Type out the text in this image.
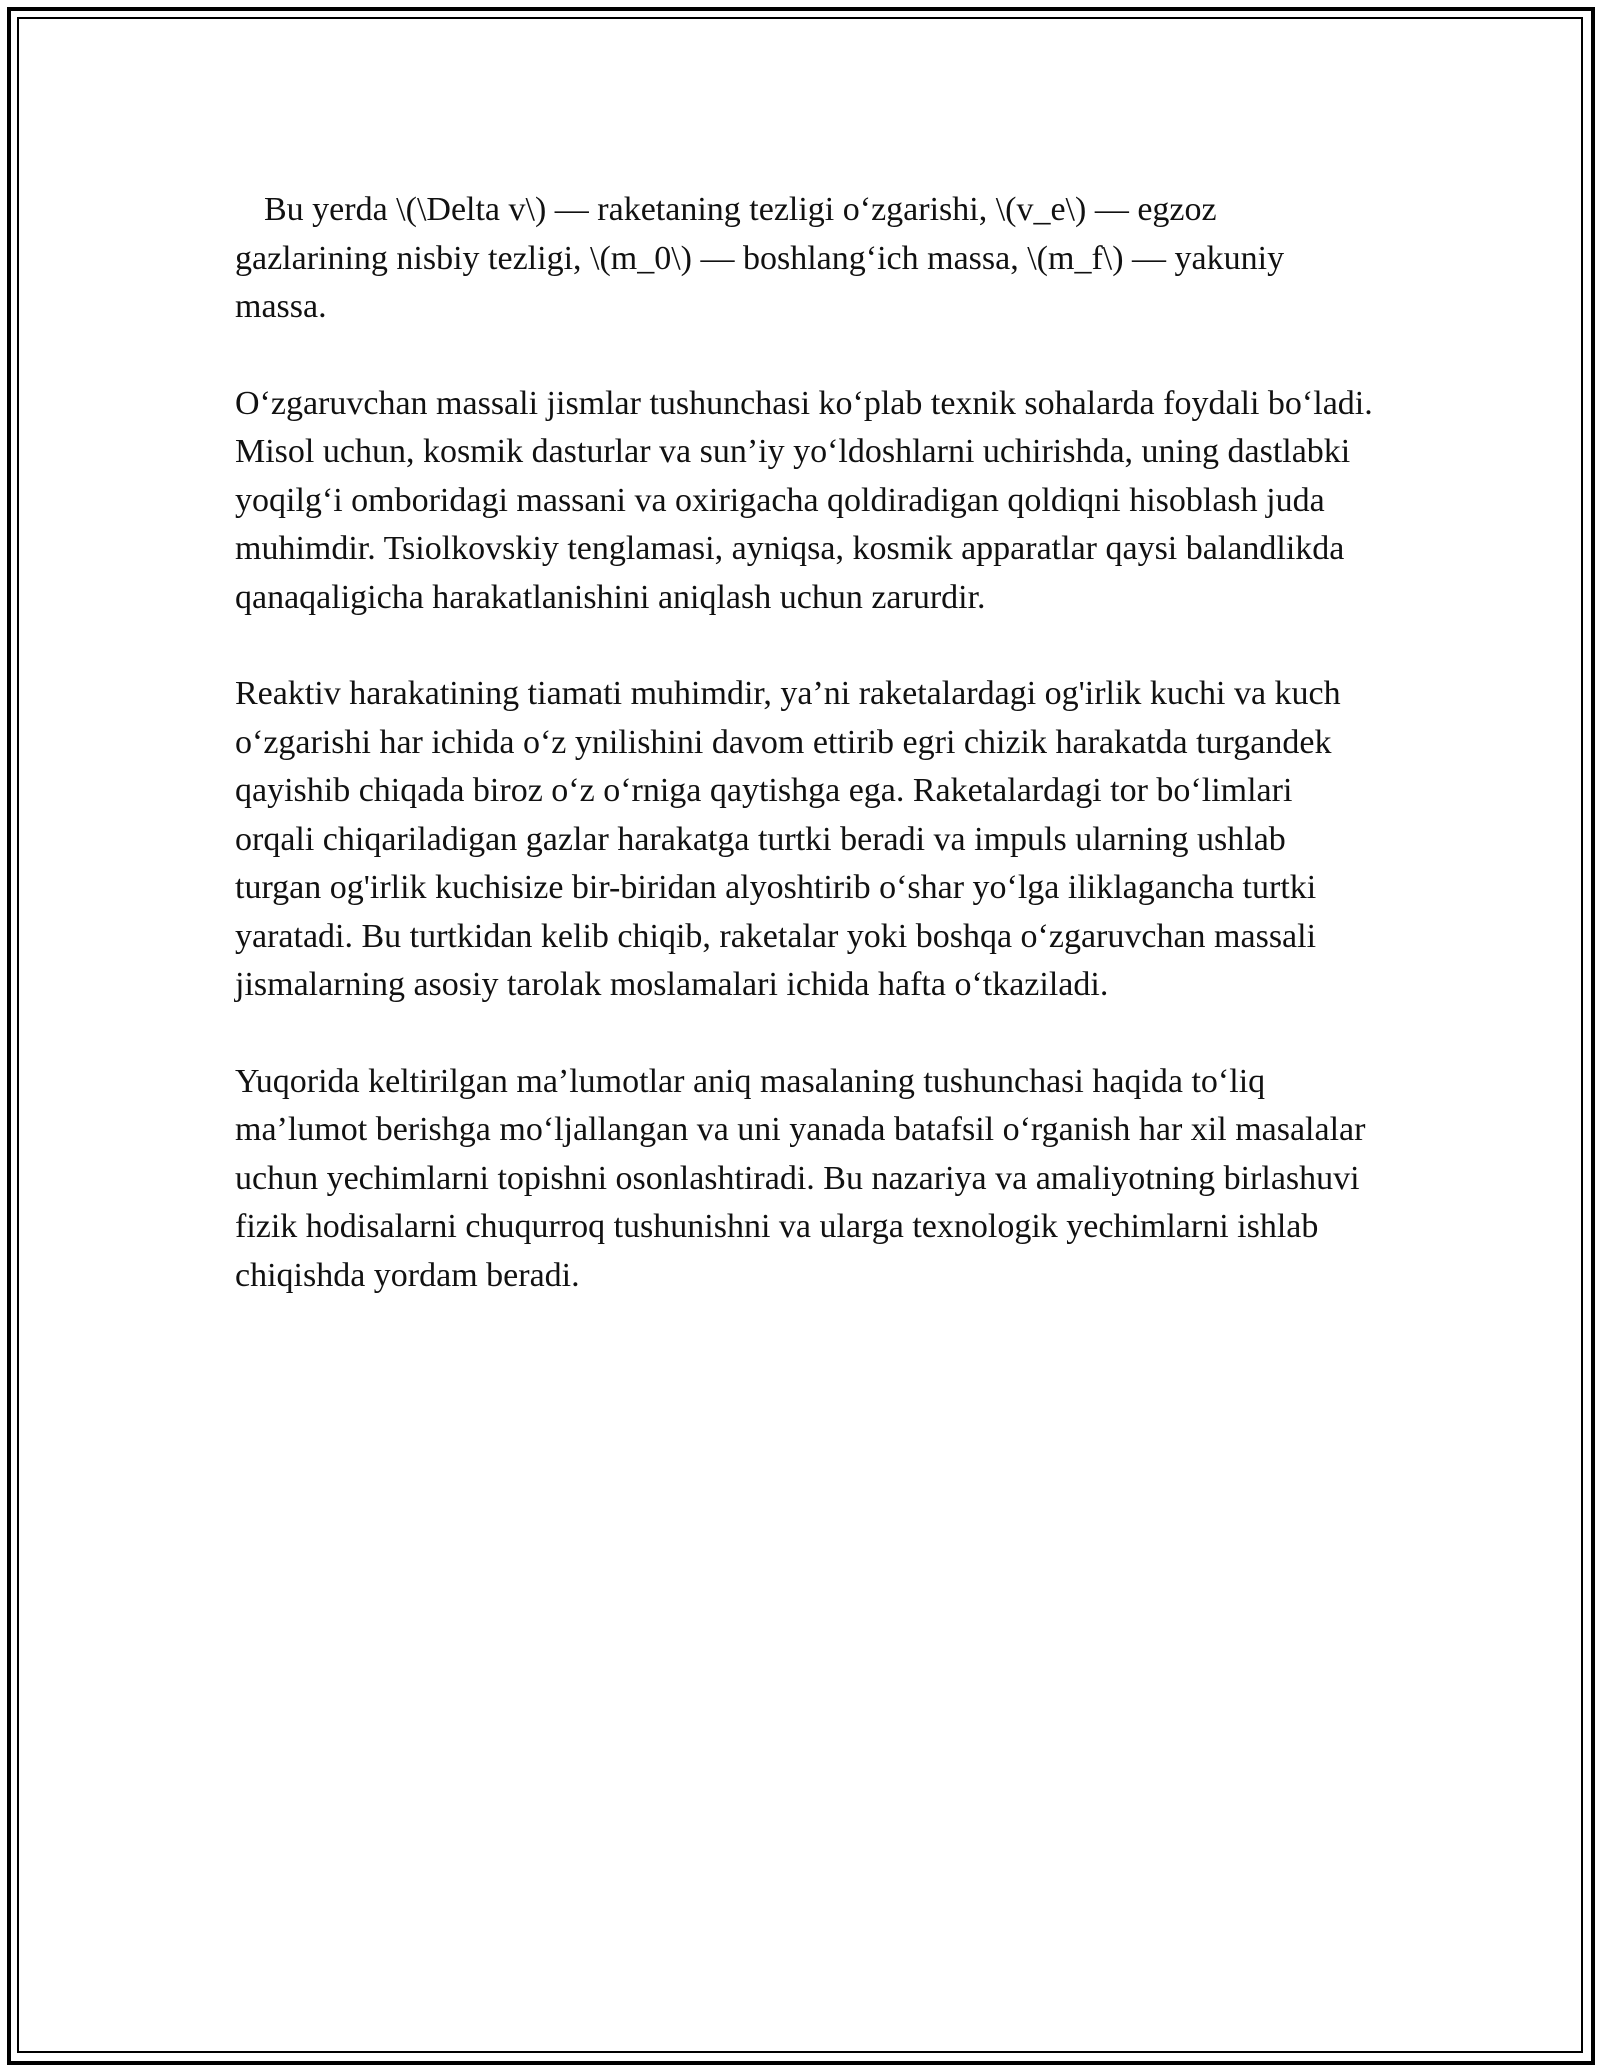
Bu yerda \(\Delta v\) — raketaning tezligi o‘zgarishi, \(v_e\) — egzoz gazlarining nisbiy tezligi, \(m_0\) — boshlang‘ich massa, \(m_f\) — yakuniy massa.

O‘zgaruvchan massali jismlar tushunchasi ko‘plab texnik sohalarda foydali bo‘ladi. Misol uchun, kosmik dasturlar va sun’iy yo‘ldoshlarni uchirishda, uning dastlabki yoqilg‘i omboridagi massani va oxirigacha qoldiradigan qoldiqni hisoblash juda muhimdir. Tsiolkovskiy tenglamasi, ayniqsa, kosmik apparatlar qaysi balandlikda qanaqaligicha harakatlanishini aniqlash uchun zarurdir.

Reaktiv harakatining tiamati muhimdir, ya’ni raketalardagi og'irlik kuchi va kuch o‘zgarishi har ichida o‘z ynilishini davom ettirib egri chizik harakatda turgandek qayishib chiqada biroz o‘z o‘rniga qaytishga ega. Raketalardagi tor bo‘limlari orqali chiqariladigan gazlar harakatga turtki beradi va impuls ularning ushlab turgan og'irlik kuchisize bir-biridan alyoshtirib o‘shar yo‘lga iliklagancha turtki yaratadi. Bu turtkidan kelib chiqib, raketalar yoki boshqa o‘zgaruvchan massali jismalarning asosiy tarolak moslamalari ichida hafta o‘tkaziladi.

Yuqorida keltirilgan ma’lumotlar aniq masalaning tushunchasi haqida to‘liq ma’lumot berishga mo‘ljallangan va uni yanada batafsil o‘rganish har xil masalalar uchun yechimlarni topishni osonlashtiradi. Bu nazariya va amaliyotning birlashuvi fizik hodisalarni chuqurroq tushunishni va ularga texnologik yechimlarni ishlab chiqishda yordam beradi.
